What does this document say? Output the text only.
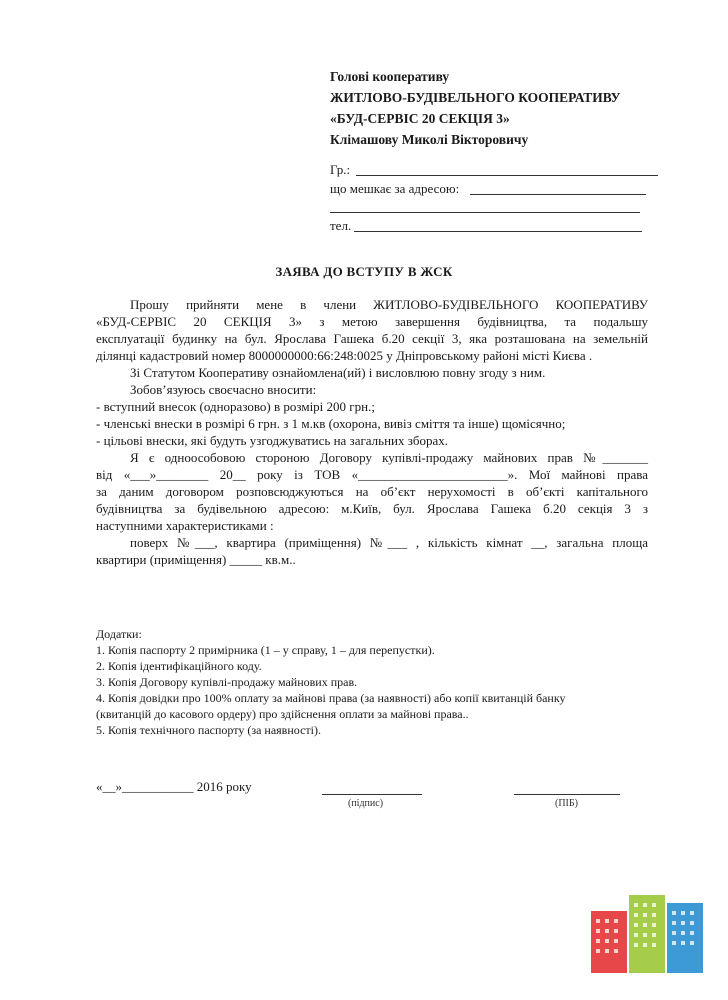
Голові кооперативу
ЖИТЛОВО-БУДІВЕЛЬНОГО КООПЕРАТИВУ
«БУД-СЕРВІС 20 СЕКЦІЯ 3»
Клімашову Миколі Вікторовичу
Гр.:
що мешкає за адресою:
тел.
ЗАЯВА ДО ВСТУПУ В ЖСК
Прошу прийняти мене в члени ЖИТЛОВО-БУДІВЕЛЬНОГО КООПЕРАТИВУ
«БУД-СЕРВІС 20 СЕКЦІЯ 3» з метою завершення будівництва, та подальшу
експлуатації будинку на бул. Ярослава Гашека б.20 секції 3, яка розташована на земельній
ділянці кадастровий номер 8000000000:66:248:0025 у Дніпровському районі місті Києва .
Зі Статутом Кооперативу ознайомлена(ий) і висловлюю повну згоду з ним.
Зобов’язуюсь своєчасно вносити:
- вступний внесок (одноразово) в розмірі 200 грн.;
- членські внески в розмірі 6 грн. з 1 м.кв (охорона, вивіз сміття та інше) щомісячно;
- цільові внески, які будуть узгоджуватись на загальних зборах.
Я є одноособовою стороною Договору купівлі-продажу майнових прав №_______
від «___»________ 20__ року із ТОВ «_______________________». Мої майнові права
за даним договором розповсюджуються на об’єкт нерухомості в об’єкті капітального
будівництва за будівельною адресою: м.Київ, бул. Ярослава Гашека б.20 секція 3 з
наступними характеристиками :
поверх №___, квартира (приміщення) №___ , кількість кімнат __, загальна площа
квартири (приміщення) _____ кв.м..
Додатки:
1. Копія паспорту 2 примірника (1 – у справу, 1 – для перепустки).
2. Копія ідентифікаційного коду.
3. Копія Договору купівлі-продажу майнових прав.
4. Копія довідки про 100% оплату за майнові права (за наявності) або копії квитанцій банку
(квитанцій до касового ордеру) про здійснення оплати за майнові права..
5. Копія технічного паспорту (за наявності).
«__»___________ 2016 року
(підпис)	(ПІБ)
